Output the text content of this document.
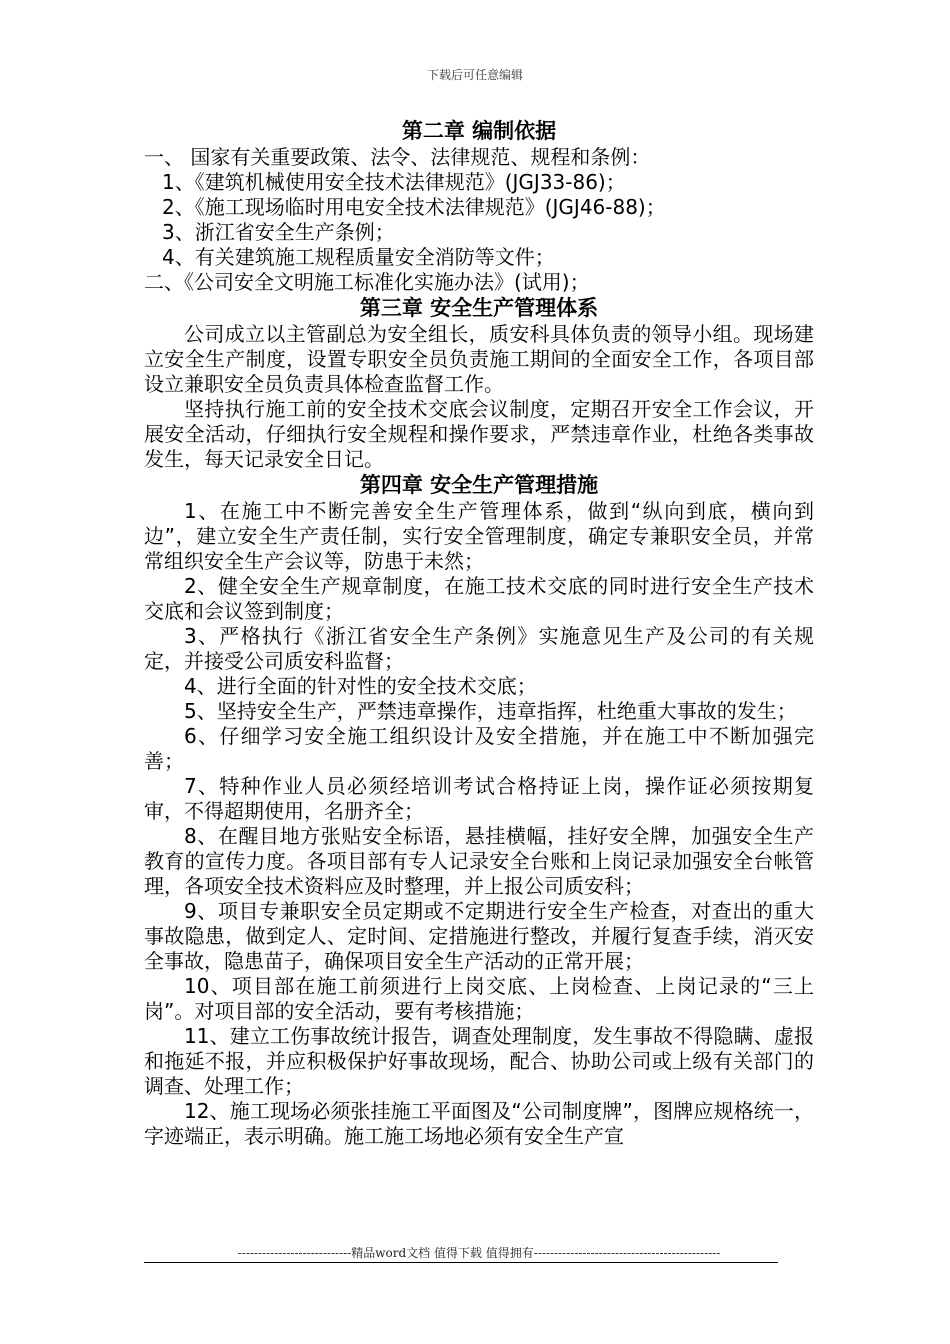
下载后可任意编辑

第二章 编制依据

一、 国家有关重要政策、法令、法律规范、规程和条例：

1、《建筑机械使用安全技术法律规范》(JGJ33-86)；

2、《施工现场临时用电安全技术法律规范》(JGJ46-88)；

3、浙江省安全生产条例；

4、有关建筑施工规程质量安全消防等文件；

二、《公司安全文明施工标准化实施办法》(试用)；

第三章 安全生产管理体系

公司成立以主管副总为安全组长，质安科具体负责的领导小组。现场建立安全生产制度，设置专职安全员负责施工期间的全面安全工作，各项目部设立兼职安全员负责具体检查监督工作。

坚持执行施工前的安全技术交底会议制度，定期召开安全工作会议，开展安全活动，仔细执行安全规程和操作要求，严禁违章作业，杜绝各类事故发生，每天记录安全日记。

第四章 安全生产管理措施

1、在施工中不断完善安全生产管理体系，做到“纵向到底，横向到边”，建立安全生产责任制，实行安全管理制度，确定专兼职安全员，并常常组织安全生产会议等，防患于未然；

2、健全安全生产规章制度，在施工技术交底的同时进行安全生产技术交底和会议签到制度；

3、严格执行《浙江省安全生产条例》实施意见生产及公司的有关规定，并接受公司质安科监督；

4、进行全面的针对性的安全技术交底；

5、坚持安全生产，严禁违章操作，违章指挥，杜绝重大事故的发生；

6、仔细学习安全施工组织设计及安全措施，并在施工中不断加强完善；

7、特种作业人员必须经培训考试合格持证上岗，操作证必须按期复审，不得超期使用，名册齐全；

8、在醒目地方张贴安全标语，悬挂横幅，挂好安全牌，加强安全生产教育的宣传力度。各项目部有专人记录安全台账和上岗记录加强安全台帐管理，各项安全技术资料应及时整理，并上报公司质安科；

9、项目专兼职安全员定期或不定期进行安全生产检查，对查出的重大事故隐患，做到定人、定时间、定措施进行整改，并履行复查手续，消灭安全事故，隐患苗子，确保项目安全生产活动的正常开展；

10、项目部在施工前须进行上岗交底、上岗检查、上岗记录的“三上岗”。对项目部的安全活动，要有考核措施；

11、建立工伤事故统计报告，调查处理制度，发生事故不得隐瞒、虚报和拖延不报，并应积极保护好事故现场，配合、协助公司或上级有关部门的调查、处理工作；

12、施工现场必须张挂施工平面图及“公司制度牌”，图牌应规格统一，字迹端正，表示明确。施工施工场地必须有安全生产宣

----------------------------精品word文档 值得下载 值得拥有----------------------------------------------
